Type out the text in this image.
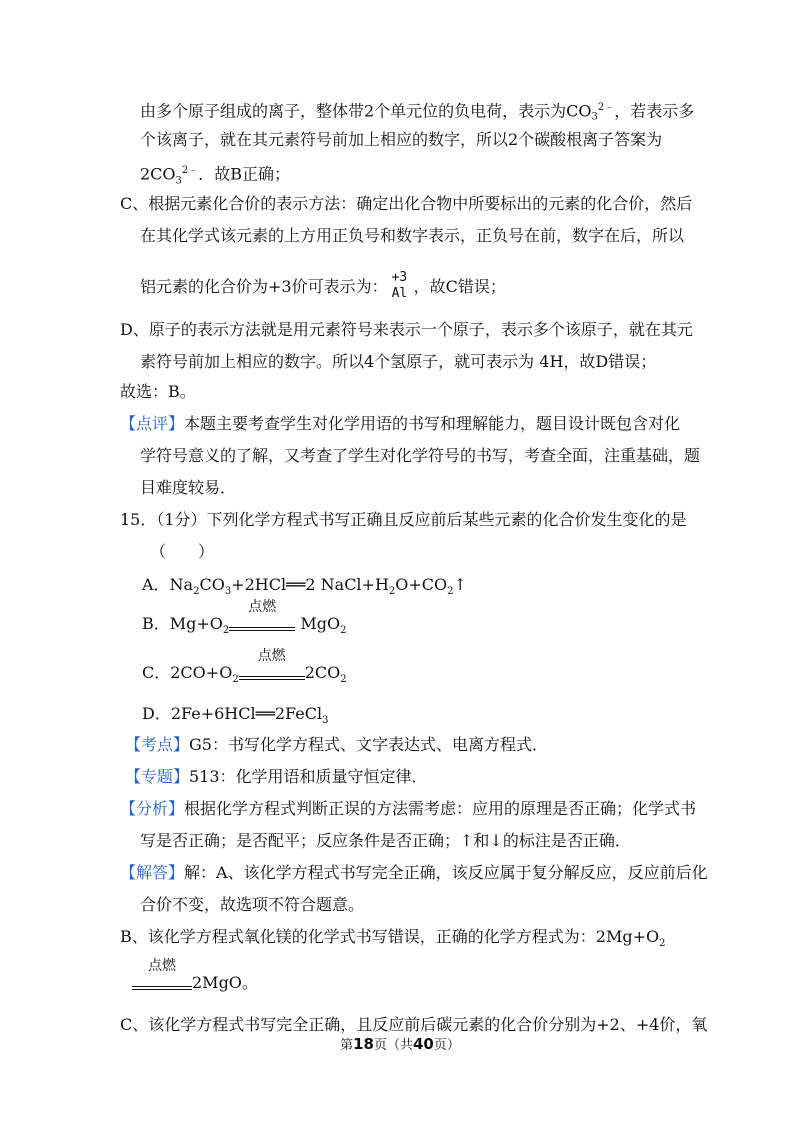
由多个原子组成的离子，整体带2个单元位的负电荷，表示为$CO_3^{2﹣}$，若表示多
个该离子，就在其元素符号前加上相应的数字，所以2个碳酸根离子答案为
$2CO_3^{2﹣}$．故B正确；
C、根据元素化合价的表示方法：确定出化合物中所要标出的元素的化合价，然后
在其化学式该元素的上方用正负号和数字表示，正负号在前，数字在后，所以
铝元素的化合价为+3价可表示为： +3
Al ，故C错误；
D、原子的表示方法就是用元素符号来表示一个原子，表示多个该原子，就在其元
素符号前加上相应的数字。所以4个氢原子，就可表示为 4H，故D错误；
故选：B。
【点评】本题主要考查学生对化学用语的书写和理解能力，题目设计既包含对化
学符号意义的了解，又考查了学生对化学符号的书写，考查全面，注重基础，题
目难度较易．
15．（1分）下列化学方程式书写正确且反应前后某些元素的化合价发生变化的是
（　　）
A．$Na_2CO_3+2HCl══2$ $NaCl+H_2O+CO_2↑$
B．$Mg+O_2$
点燃
MgO$_2$
C．$2CO+O_2$
点燃
$2CO_2$
D．2Fe+6HCl══2FeCl$_3$
【考点】G5：书写化学方程式、文字表达式、电离方程式．
【专题】513：化学用语和质量守恒定律．
【分析】根据化学方程式判断正误的方法需考虑：应用的原理是否正确；化学式书
写是否正确；是否配平；反应条件是否正确；↑和↓的标注是否正确．
【解答】解：A、该化学方程式书写完全正确，该反应属于复分解反应，反应前后化
合价不变，故选项不符合题意。
B、该化学方程式氧化镁的化学式书写错误，正确的化学方程式为：$2Mg+O_2$
点燃
2MgO。
C、该化学方程式书写完全正确，且反应前后碳元素的化合价分别为+2、+4价，氧
第18页（共40页）
